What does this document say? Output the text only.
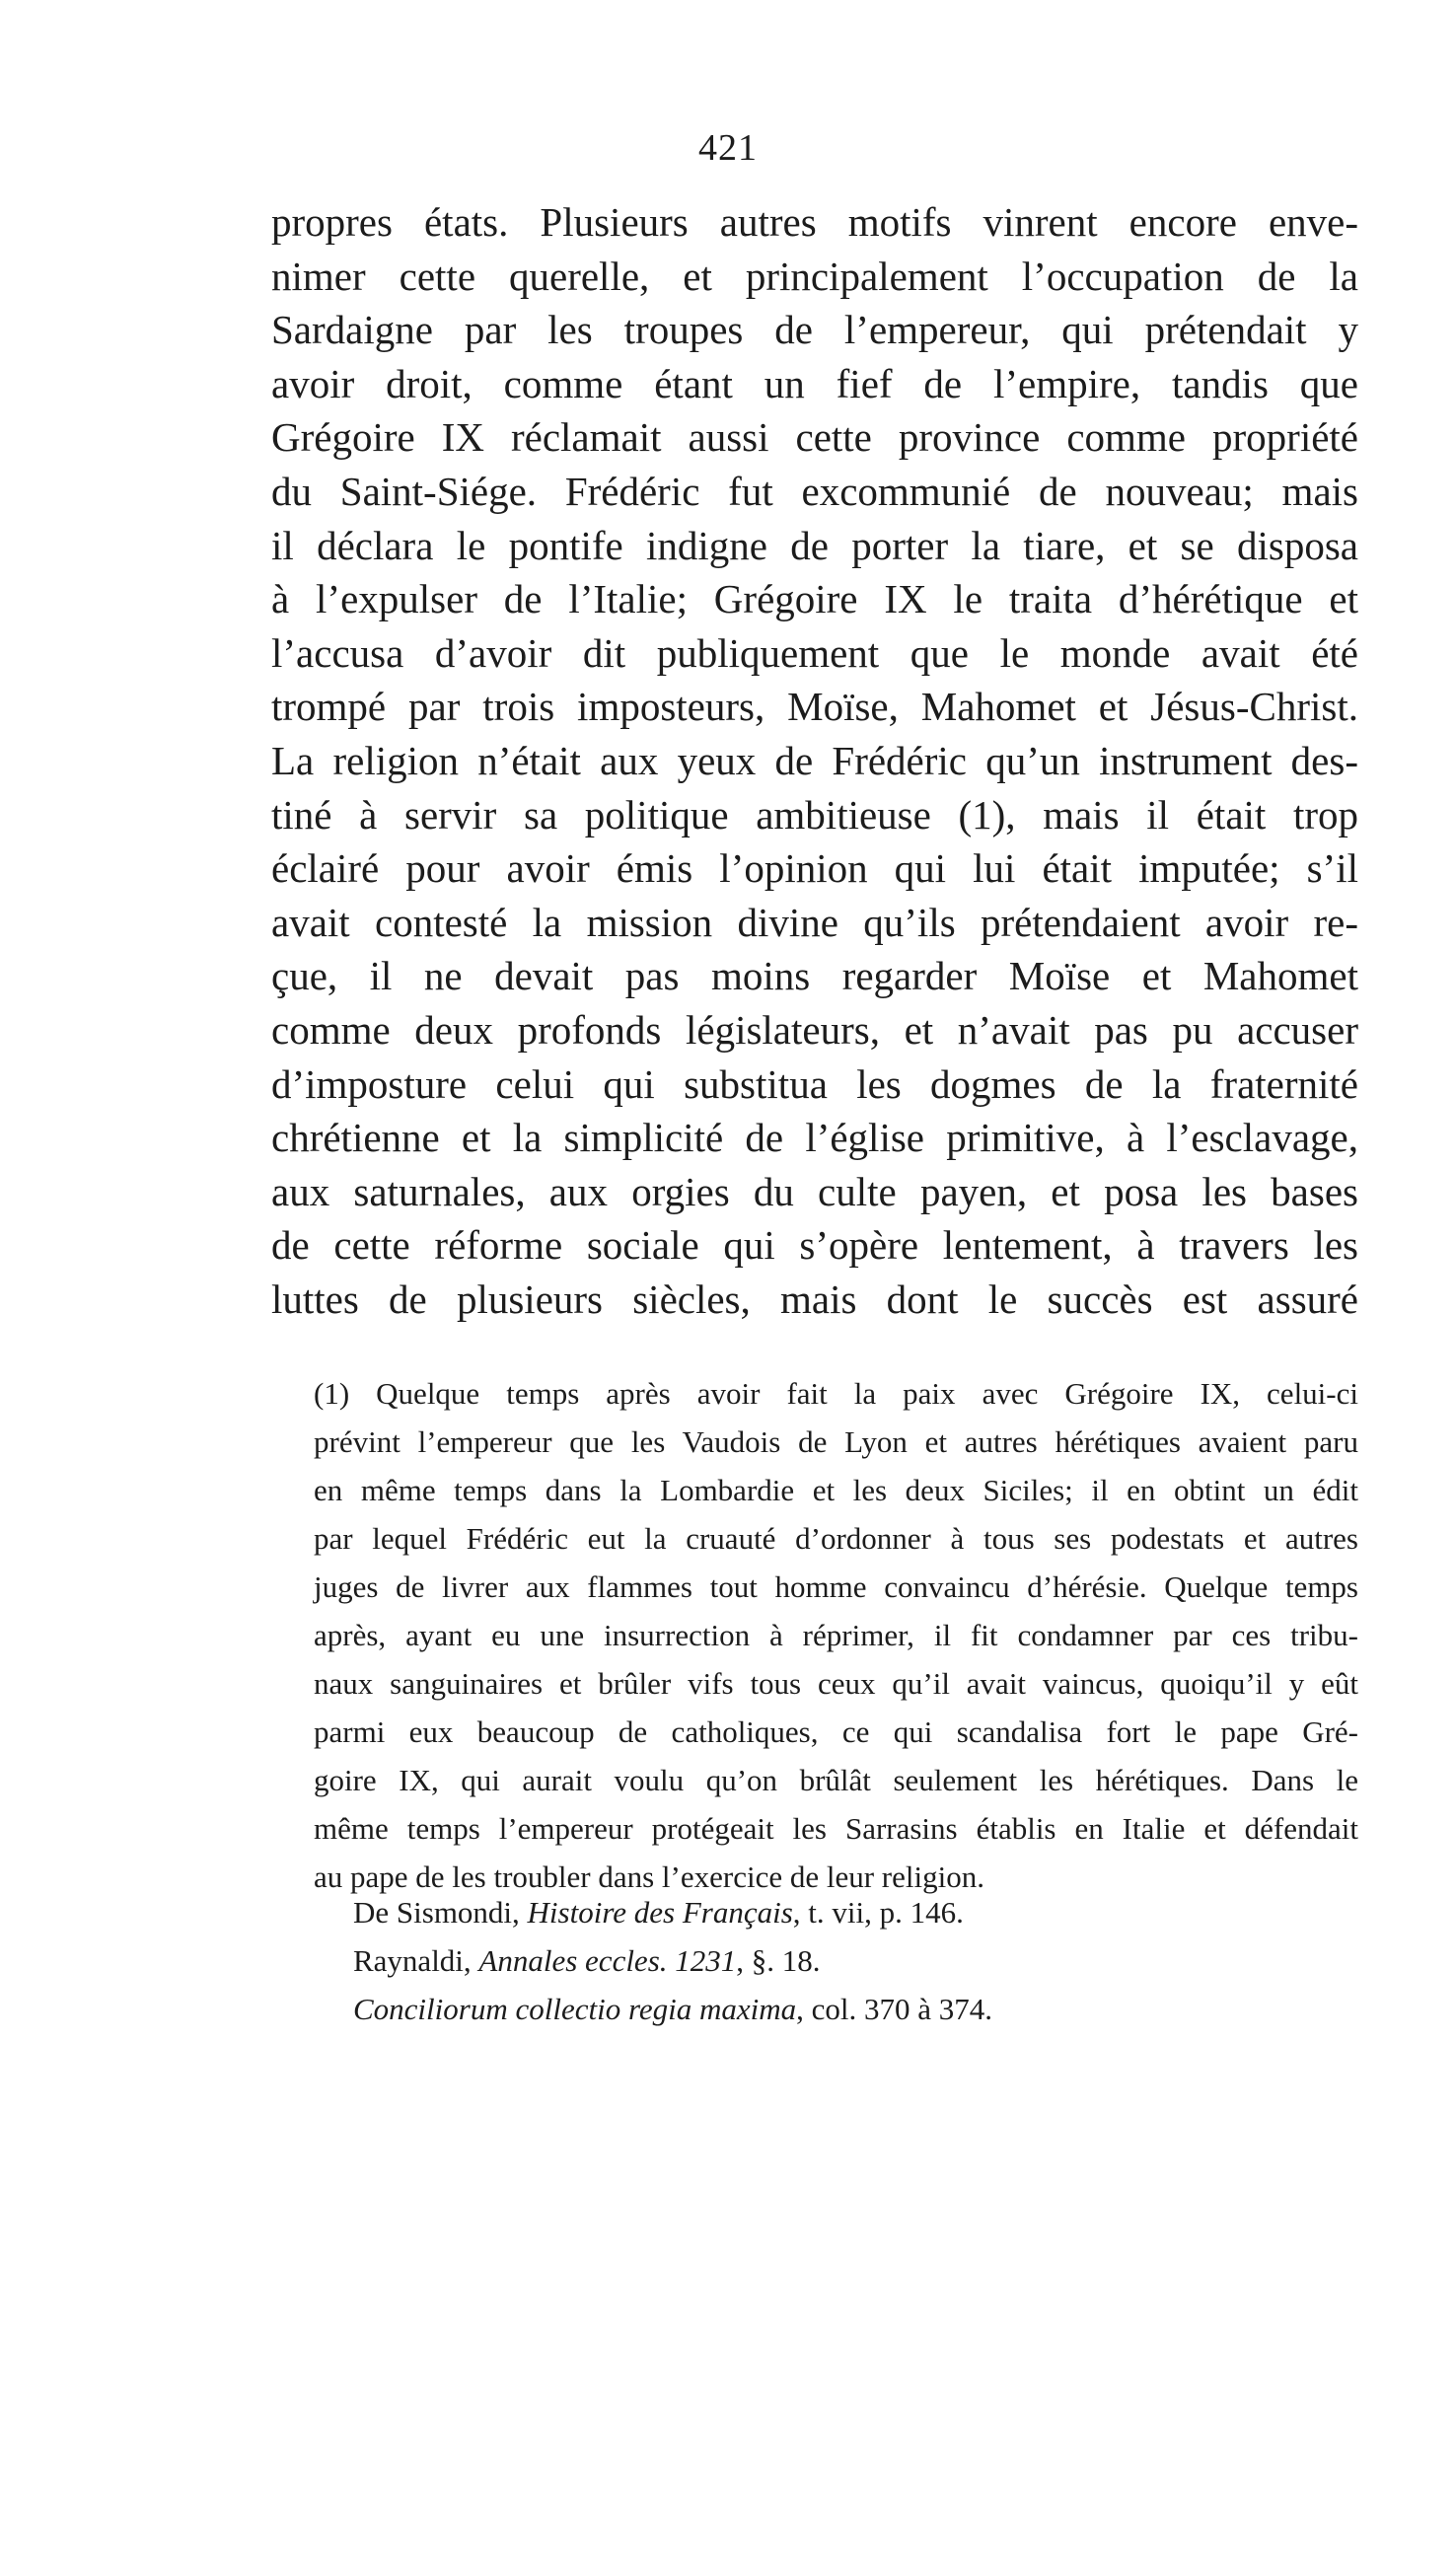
421
propres états. Plusieurs autres motifs vinrent encore enve-
nimer cette querelle, et principalement l’occupation de la
Sardaigne par les troupes de l’empereur, qui prétendait y
avoir droit, comme étant un fief de l’empire, tandis que
Grégoire IX réclamait aussi cette province comme propriété
du Saint-Siége. Frédéric fut excommunié de nouveau; mais
il déclara le pontife indigne de porter la tiare, et se disposa
à l’expulser de l’Italie; Grégoire IX le traita d’hérétique et
l’accusa d’avoir dit publiquement que le monde avait été
trompé par trois imposteurs, Moïse, Mahomet et Jésus-Christ.
La religion n’était aux yeux de Frédéric qu’un instrument des-
tiné à servir sa politique ambitieuse (1), mais il était trop
éclairé pour avoir émis l’opinion qui lui était imputée; s’il
avait contesté la mission divine qu’ils prétendaient avoir re-
çue, il ne devait pas moins regarder Moïse et Mahomet
comme deux profonds législateurs, et n’avait pas pu accuser
d’imposture celui qui substitua les dogmes de la fraternité
chrétienne et la simplicité de l’église primitive, à l’esclavage,
aux saturnales, aux orgies du culte payen, et posa les bases
de cette réforme sociale qui s’opère lentement, à travers les
luttes de plusieurs siècles, mais dont le succès est assuré
(1) Quelque temps après avoir fait la paix avec Grégoire IX, celui-ci
prévint l’empereur que les Vaudois de Lyon et autres hérétiques avaient paru
en même temps dans la Lombardie et les deux Siciles; il en obtint un édit
par lequel Frédéric eut la cruauté d’ordonner à tous ses podestats et autres
juges de livrer aux flammes tout homme convaincu d’hérésie. Quelque temps
après, ayant eu une insurrection à réprimer, il fit condamner par ces tribu-
naux sanguinaires et brûler vifs tous ceux qu’il avait vaincus, quoiqu’il y eût
parmi eux beaucoup de catholiques, ce qui scandalisa fort le pape Gré-
goire IX, qui aurait voulu qu’on brûlât seulement les hérétiques. Dans le
même temps l’empereur protégeait les Sarrasins établis en Italie et défendait
au pape de les troubler dans l’exercice de leur religion.
De Sismondi, Histoire des Français, t. vii, p. 146.
Raynaldi, Annales eccles. 1231, §. 18.
Conciliorum collectio regia maxima, col. 370 à 374.
